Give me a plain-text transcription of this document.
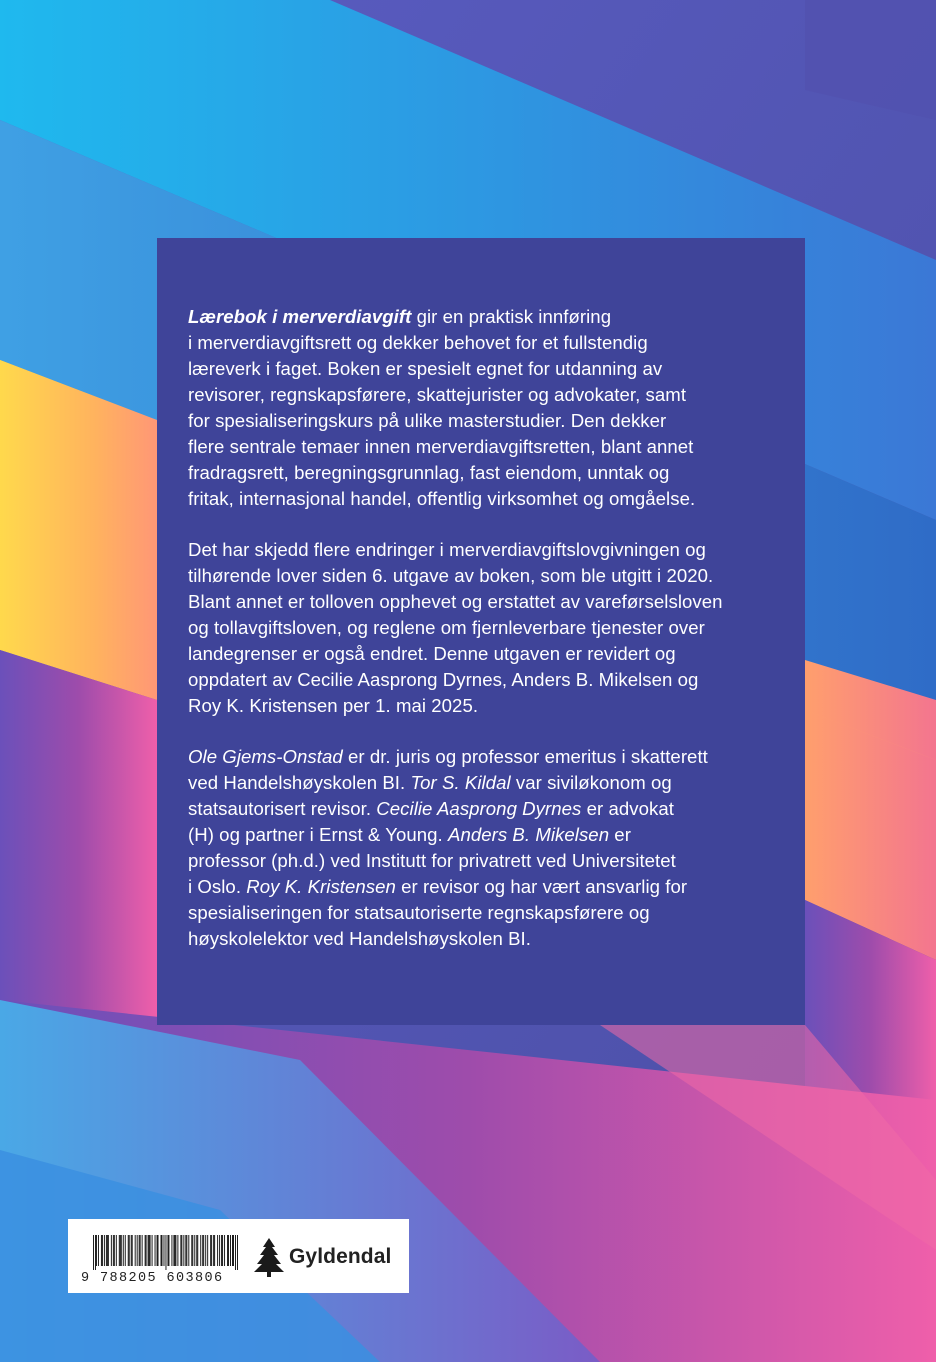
Lærebok i merverdiavgift gir en praktisk innføring
i merverdiavgiftsrett og dekker behovet for et fullstendig
læreverk i faget. Boken er spesielt egnet for utdanning av
revisorer, regnskapsførere, skattejurister og advokater, samt
for spesialiseringskurs på ulike masterstudier. Den dekker
flere sentrale temaer innen merverdiavgiftsretten, blant annet
fradragsrett, beregningsgrunnlag, fast eiendom, unntak og
fritak, internasjonal handel, offentlig virksomhet og omgåelse.

Det har skjedd flere endringer i merverdiavgiftslovgivningen og
tilhørende lover siden 6. utgave av boken, som ble utgitt i 2020.
Blant annet er tolloven opphevet og erstattet av vareførselsloven
og tollavgiftsloven, og reglene om fjernleverbare tjenester over
landegrenser er også endret. Denne utgaven er revidert og
oppdatert av Cecilie Aasprong Dyrnes, Anders B. Mikelsen og
Roy K. Kristensen per 1. mai 2025.

Ole Gjems-Onstad er dr. juris og professor emeritus i skatterett
ved Handelshøyskolen BI. Tor S. Kildal var siviløkonom og
statsautorisert revisor. Cecilie Aasprong Dyrnes er advokat
(H) og partner i Ernst & Young. Anders B. Mikelsen er
professor (ph.d.) ved Institutt for privatrett ved Universitetet
i Oslo. Roy K. Kristensen er revisor og har vært ansvarlig for
spesialiseringen for statsautoriserte regnskapsførere og
høyskolelektor ved Handelshøyskolen BI.

9 788205 603806
Gyldendal
